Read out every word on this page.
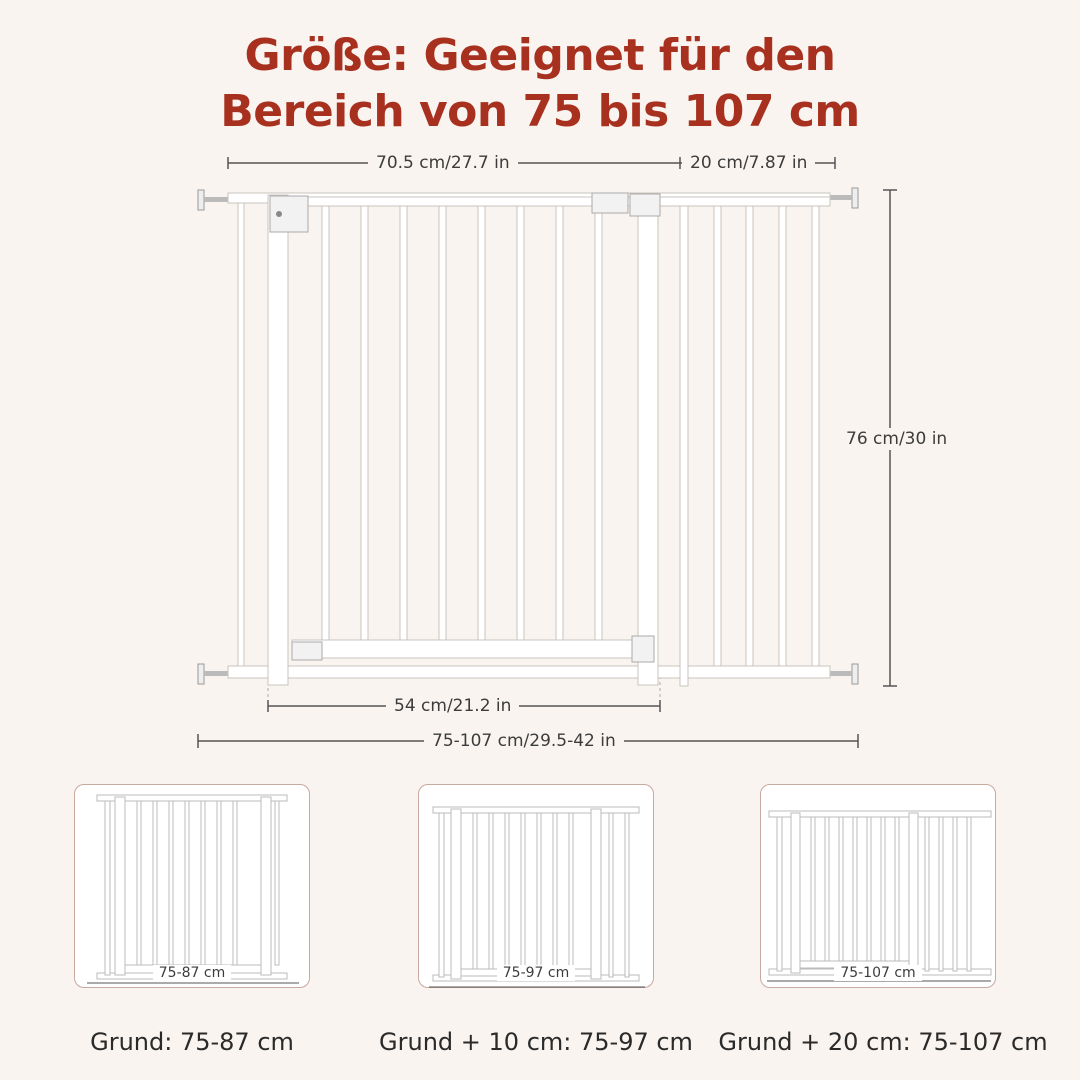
Größe: Geeignet für den
Bereich von 75 bis 107 cm
70.5 cm/27.7 in	20 cm/7.87 in
76 cm/30 in
54 cm/21.2 in
75-107 cm/29.5-42 in
75-87 cm	75-97 cm	75-107 cm
Grund: 75-87 cm	Grund + 10 cm: 75-97 cm Grund + 20 cm: 75-107 cm
